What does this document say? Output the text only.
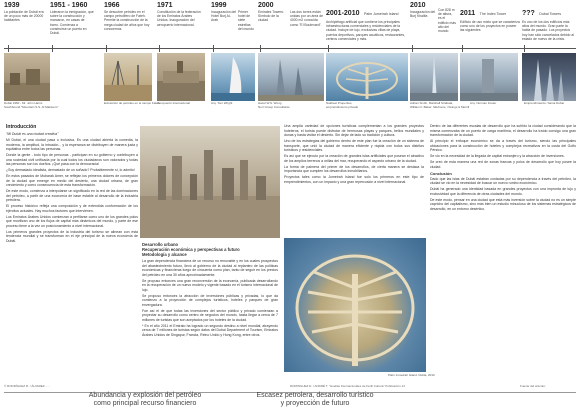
1939
La población de Dubái era de un poco más de 20000 habitantes
1951 - 1960
Lideraron la inmigración, que sobre la construcción y marcaron, en casas de barro. Comienza a construirse un puerto en Dubái.
1966
Se descubre petróleo en el campo petrolífero de Fateh. Permite la construcción de la mega ciudad de años que hoy conocemos.
1971
Constitución de la federación de los Emiratos Árabes Unidos. Inauguración del aeropuerto internacional.
1999
Inauguración del Hotel Burj Al-Arab
Primer hotel de siete estrellas del mundo
2000
Emirates Towers: Símbolo de la ciudad
Las dos torres están unidas por un área de 4000 m2 conocida como "El Boulevard".
2001-2010 Palm Jumeirah Island
Archipiélago artificial que contiene los principales infraestructuras comerciales y residenciales de la ciudad. Incluye de lujo, exclusivas villas de playa, puertos deportivos, parques acuáticos, restaurantes, centros comerciales y más.
2010
Inauguración del Burj Khalifa
Con 828 m de altura, es el edificio más alto del mundo
2011 The Index Tower
Edificio de uso mixto que se caracteriza como uno de los proyectos en poseer las siguientes
??? Dubai Towers
Es uno de los dos edificios más altos del mundo. Gran parte la habla de pasado. Los proyectos hoy han sido cancelados debido al estado de nuevo de la crisis.
Dubái 1960 - Mr. John Harris
Southbound "Mountain S.S. Al Maktoum"
Extracción de petróleo en el campo Fateh
Aeropuerto Internacional	Arq. Tom Wright	Hazel W.S. Wong
Norr Group Consultants
Nakheel Properties,
emprendimiento privado
Adrian Smith, Marshall Strabala,
William F. Baker. Skidmore, Owings & Merrill
Arq. Norman Foster	Emprendimiento: Sama Dubai
Introducción
"Mi Dubái es una ciudad creativa"
Mi Dubái, el una ciudad pasa o inclusiva. Es una ciudad abierta la comedia, la moderna, la amplitud, la intrusión... y la esperanza se distribuyen de manera justa y equitativa entre todos las personas.
Donde la gente - todo tipo de personas - participan en su gobierno y contribuyen a una sociedad civil unificada por la cual todos los ciudadanos son valorados y todas las personas son los dueños. ¡Qué pasa con la democracia!
¿Soy demasiado idealista, demasiado de un soñado? Probablemente sí, lo admito!
En estos pasados de Mubarak Amer, se reflejan los primeros dolores de concepción de la ciudad que emerge en medio del desierto, una ciudad urbana, de gran crecimiento y como consecuencia de esta transformación.
De este modo, comienza a interpolarse un significado en la red de las dominaciones del petróleo, a partir de una economía de base estable al desarrollo de la industria petrolera.
El proceso histórico refleja una composición y de extendida conformación de los ejércitos actuales. Hay muchos factores que intervienen.
Los Emiratos Árabes Unidos comienzan a perfilarse como uno de los grandes polos que movilizan uno de los flujos de capital más dinámicos del mundo, y parte de ese proceso tiene a la vez un posicionamiento a nivel internacional.
Los primeros grandes proyectos de la industria del turismo se alinean con esta tendencia mundial y se transforman en el eje principal de la nueva economía de Dubái.
Desarrollo urbano
Recuperación económica y perspectivas a futuro
Metodología y alcance
La gran dependencia financiera de un recurso no renovable y en los cuales prospectos del abastecimiento futuro, llevó al gobierno de la ciudad al replanteo de las políticas económicas y financieras luego de cincuenta como plan, tanto de seguir en los precios del petróleo en una 30 años aproximadamente.
Se propuso entonces una gran reconversión de la economía, publicada desarrollando en la recuperación de un nuevo modelo y vigente basado en el turismo internacional de lujo.
Se propuso entonces la atracción de inversiones públicas y privadas, lo que da comienzo a la proyección de complejos turísticos, hoteles y parques de gran envergadura.
Fue así el de que todas las inversiones del sector público y privado comienzan a proyectar su desarrollo como centro de negocios del mundo, hasta llegar a cerca de 7 millones de turistas que son aceptados por los hoteles de la ciudad.
* En el año 2011 el Emirato ha logrado un segundo destino a nivel mundial, atrayendo cerca de 7 millones de turistas según datos del Dubai Department of Tourism, Emiratos Árabes Unidos de Singapur, Francia, Reino Unido y Hong Kong, entre otros.
Una amplia variedad de opciones turísticas complementan a los grandes proyectos hoteleros; el turista puede disfrutar de hermosas playas y parques, bellos mundiales y dunas y hasta visitar el desierto. Sin dejar de lado su tradición y cultura.
Uno de los estrategias del gobierno dentro de este plan fue la creación de un sistema de transporte, que unió la ciudad de manera eficiente y rápida con todos sus distritos turísticos y residenciales.
Es así que se ejecuto por la creación de grandes islas artificiales que posean el atractivo de los amplios terrenos a orillas del mar, recuperando el aspecto urbano de la ciudad.
La forma de palmera del primer de los desarrollos, de cierta manera se destaca la importancia que cumplen los desarrollos inmobiliarios.
Proyectos tales como la Jumeirah Island fue solo los primeros en este tipo de emprendimientos, con un impacto y una gran repercusión a nivel internacional.
Palm Jumeirah Island. Dubái, 2010
Dentro de las diferentes escalas de desarrollo que ha sufrido la ciudad considerando que la misma comenzaba de un puerto de carga marítima, el desarrollo ha traído consigo una gran transformación de la ciudad.
Al principio el enfoque económico se da a través del turismo, siendo las principales ubicaciones para la construcción de hoteles y complejos recreativos en la costa del Golfo Pérsico.
Se vio en la necesidad de la llegada de capital extranjero y la atracción de inversiones.
Se creó de esta manera una red de zonas francas y polos de desarrollo que hoy posee la ciudad.
Conclusión
Dado que las islas de Dubái estaban contadas por su dependencia a través del petróleo, la ciudad se vio en la necesidad de buscar un nuevo rumbo económico.
Dubái ha generado una identidad basada en grandes proyectos con una impronta de lujo y exclusividad que la diferencia de otras ciudades del mundo.
De este modo, pensar en una ciudad que está más inversión sobre la ciudad no es un simple capricho del capitalismo, sino más bien un estudio minucioso de los sistemas estratégicos de desarrollo, en un entorno desértico.
© RODRÍGUEZ R. / ÁLVAREZ - ...	DOMINGUEZ D. / ANDRÉ T. "Huellas Internacionales de Fértil Cultura" Publicación 14	Fuente del artículo:
Abundancia y explosión del petróleo
como principal recurso financiero
Escasez petrolera, desarrollo turístico
y proyección de futuro
